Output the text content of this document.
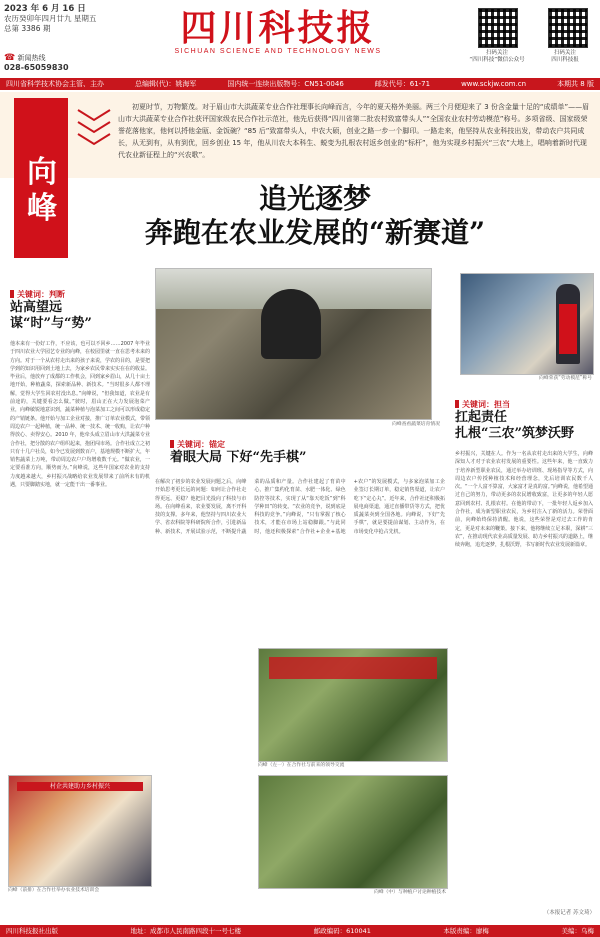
2023 年 6 月 16 日
农历癸卯年四月廿九 星期五
总第 3386 期
☎ 新闻热线
028-65059830
四川科技报
SICHUAN SCIENCE AND TECHNOLOGY NEWS	扫码关注
“四川科技”微信公众号
扫码关注
四川科技报
四川省科学技术协会主管、主办	总编辑(代)：姚海军	国内统一连续出版物号：CN51-0046	邮发代号：61-71	www.sckjw.com.cn	本期共 8 版
向峰
初夏时节，万物繁茂。对于眉山市大洪蔬菜专业合作社理事长向峰而言，今年的夏天格外美丽。两三个月便迎来了 3 份含金量十足的“成绩单”——眉山市大洪蔬菜专业合作社获评国家级农民合作社示范社，他先后获得“四川省第二批农村致富带头人”“全国农业农村劳动模范”称号。多项省级、国家级荣誉花落他家，他何以捋他金瓯、金饭碗？“85 后”致富带头人，中农大硕，创业之路一步一个脚印。一路走来，他坚持从农业科技出发，带动农户共同成长，从无到有，从有到优，回乡创业 15 年，他从川农大本科生、蜕变为扎根农村返乡创业的“标杆”，他为实现乡村振兴“三农”大地上，唱响着新时代现代农业新征程上的“兴农歌”。
追光逐梦
奔跑在农业发展的“新赛道”
关键词：判断
站高望远
谋“时”与“势”
他本来有一份好工作，不应该，也可以不回乡……2007 年毕业于四川农业大学园艺专业的向峰，在校园里就一直在思考未来的方向。对于一个从农村走出来的孩子来说，学农的目的，是要把学到的知识用回到土地上去，为家乡农民带来实实在在的收益。毕业后，他放弃了成都的工作机会，回到家乡眉山，从几十亩土地开始，种植蔬菜，探索新品种、新技术。“当时很多人都不理解，觉得大学生回农村没出息。”向峰说，“但我知道，农业是有前途的，关键要看怎么做。”彼时，眉山正在大力发展泡菜产业，向峰敏锐地意识到，蔬菜种植与泡菜加工之间可以形成稳定的产销链条。他开始与加工企业对接，推广订单农业模式，带领周边农户一起种植，统一品种、统一技术、统一收购，让农户种得放心、卖得安心。2010 年，他牵头成立眉山市大洪蔬菜专业合作社，把分散的农户组织起来，抱团闯市场。合作社成立之初只有十几户社员，如今已发展到数百户，基地规模不断扩大，年销售蔬菜上万吨，带动周边农户户均增收数千元。“做农业，一定要看准方向，顺势而为。”向峰说，这些年国家对农业的支持力度越来越大，乡村振兴战略给农业发展带来了前所未有的机遇，只要脚踏实地，就一定能干出一番事业。
村企共建助力乡村振兴
向峰（前排）在合作社举办农业技术培训会
向峰查看蔬菜培育情况
向峰荣获“劳动模范”称号
关键词：锚定
着眼大局 下好“先手棋”
在解决了初步的农业发展问题之后，向峰开始思考更长远的问题：如何让合作社走得更远、更稳？他把目光投向了科技与市场。在向峰看来，农业要发展，离不开科技的支撑。多年来，他坚持与四川农业大学、省农科院等科研院所合作，引进新品种、新技术，开展试验示范，不断提升蔬菜的品质和产量。合作社建起了育苗中心，推广集约化育苗、水肥一体化、绿色防控等技术，实现了从“靠天吃饭”到“科学种田”的转变。“农业的竞争，说到底是科技的竞争。”向峰说，“只有掌握了核心技术，才能在市场上站稳脚跟。”与此同时，他还积极探索“合作社+企业+基地+农户”的发展模式，与多家泡菜加工企业签订长期订单，稳定销售渠道，让农户吃下“定心丸”。近年来，合作社还积极拓展电商渠道，通过直播带货等方式，把优质蔬菜卖到全国各地。向峰说，下好“先手棋”，就是要提前谋划、主动作为，在市场变化中抢占先机。
向峰（左一）在合作社与前来的领导交流
向峰（中）与种植户讨论种植技术
关键词：担当
扛起责任
扎根“三农”筑梦沃野
乡村振兴，关键在人。作为一名从农村走出来的大学生，向峰深知人才对于农业农村发展的重要性。这些年来，他一直致力于培养新型职业农民，通过举办培训班、现场指导等方式，向周边农户传授种植技术和经营理念，先后培训农民数千人次。“一个人富不算富，大家富才是真的富。”向峰说，他希望通过自己的努力，带动更多的农民增收致富，让更多的年轻人愿意回到农村、扎根农村。在他的带动下，一批年轻人返乡加入合作社，成为新型职业农民，为乡村注入了新的活力。荣誉面前，向峰始终保持清醒。他说，这些荣誉是对过去工作的肯定，更是对未来的鞭策。接下来，他将继续立足本职，深耕“三农”，在推动现代农业高质量发展、助力乡村振兴的道路上，继续奔跑，追光逐梦，扎根沃野，书写新时代农业发展新篇章。
（本报记者 苏文琦）
四川科技报社出版	地址：成都市人民南路四段十一号七楼	邮政编码：610041	本版责编：廖梅	美编：乌梅
